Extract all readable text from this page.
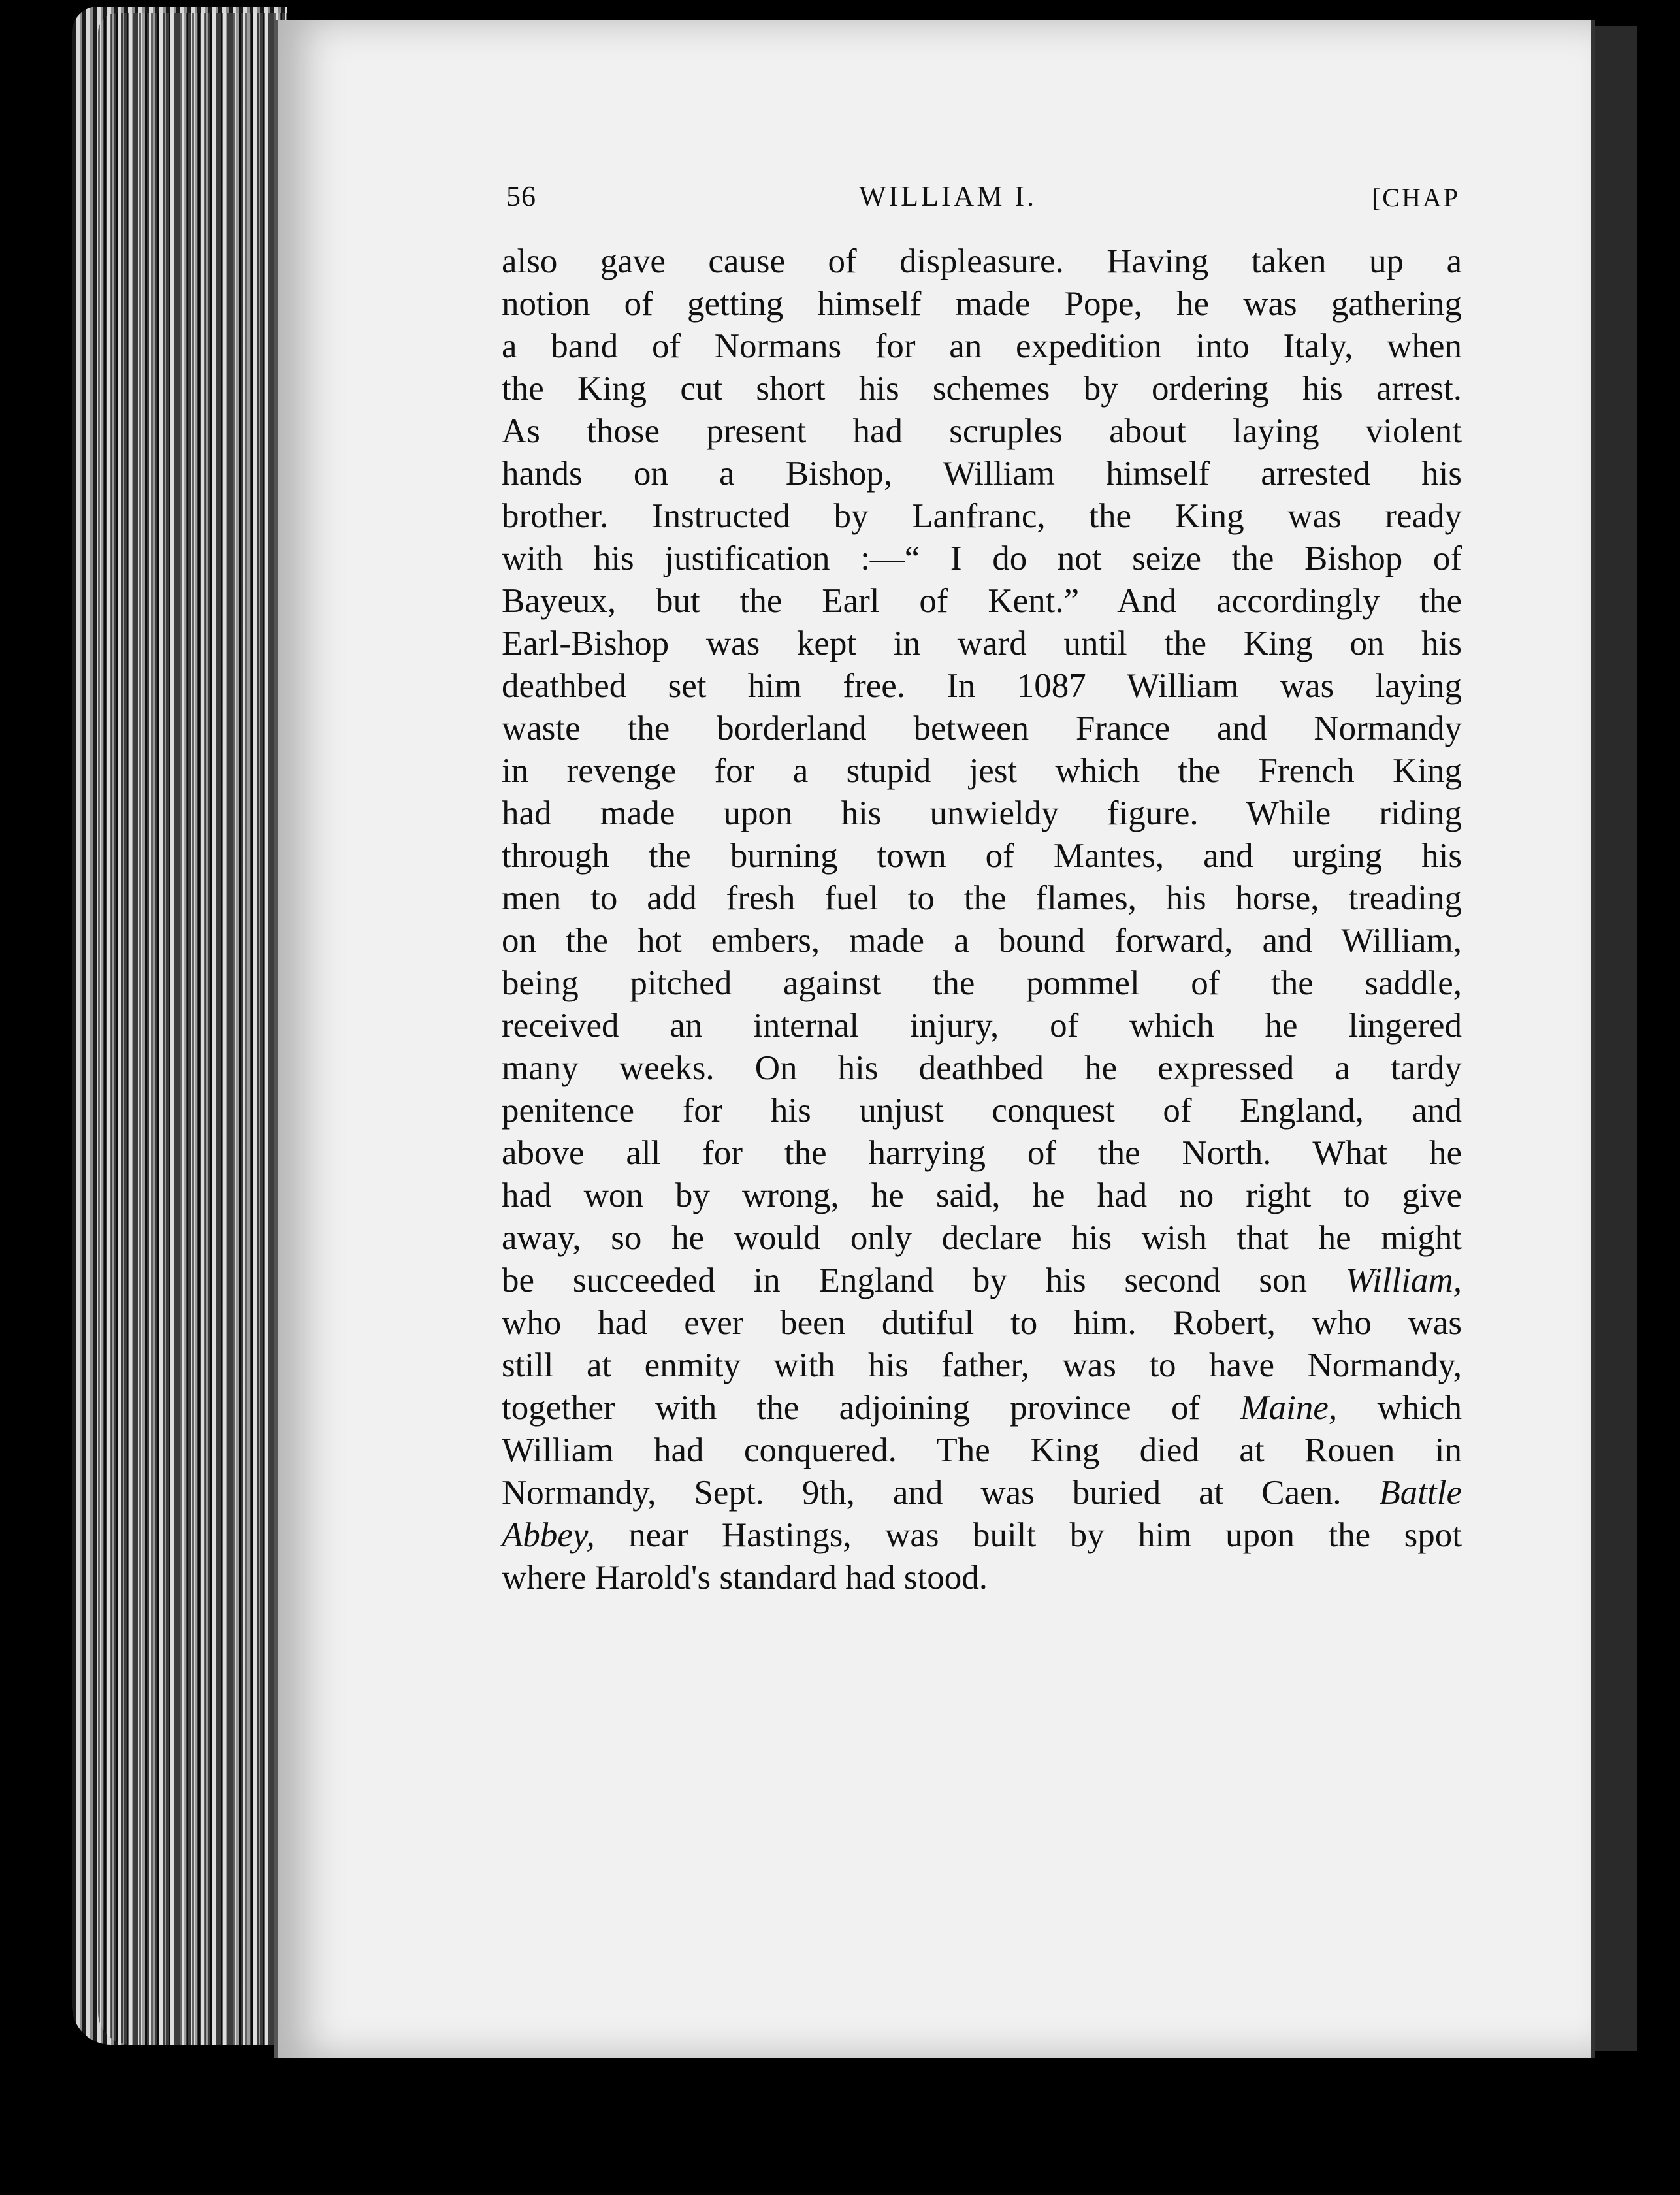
56	WILLIAM I.	[CHAP
also gave cause of displeasure. Having taken up a
notion of getting himself made Pope, he was gathering
a band of Normans for an expedition into Italy, when
the King cut short his schemes by ordering his arrest.
As those present had scruples about laying violent
hands on a Bishop, William himself arrested his
brother. Instructed by Lanfranc, the King was ready
with his justification :—“ I do not seize the Bishop of
Bayeux, but the Earl of Kent.” And accordingly the
Earl-Bishop was kept in ward until the King on his
deathbed set him free. In 1087 William was laying
waste the borderland between France and Normandy
in revenge for a stupid jest which the French King
had made upon his unwieldy figure. While riding
through the burning town of Mantes, and urging his
men to add fresh fuel to the flames, his horse, treading
on the hot embers, made a bound forward, and William,
being pitched against the pommel of the saddle,
received an internal injury, of which he lingered
many weeks. On his deathbed he expressed a tardy
penitence for his unjust conquest of England, and
above all for the harrying of the North. What he
had won by wrong, he said, he had no right to give
away, so he would only declare his wish that he might
be succeeded in England by his second son William,
who had ever been dutiful to him. Robert, who was
still at enmity with his father, was to have Normandy,
together with the adjoining province of Maine, which
William had conquered. The King died at Rouen in
Normandy, Sept. 9th, and was buried at Caen. Battle
Abbey, near Hastings, was built by him upon the spot
where Harold's standard had stood.
